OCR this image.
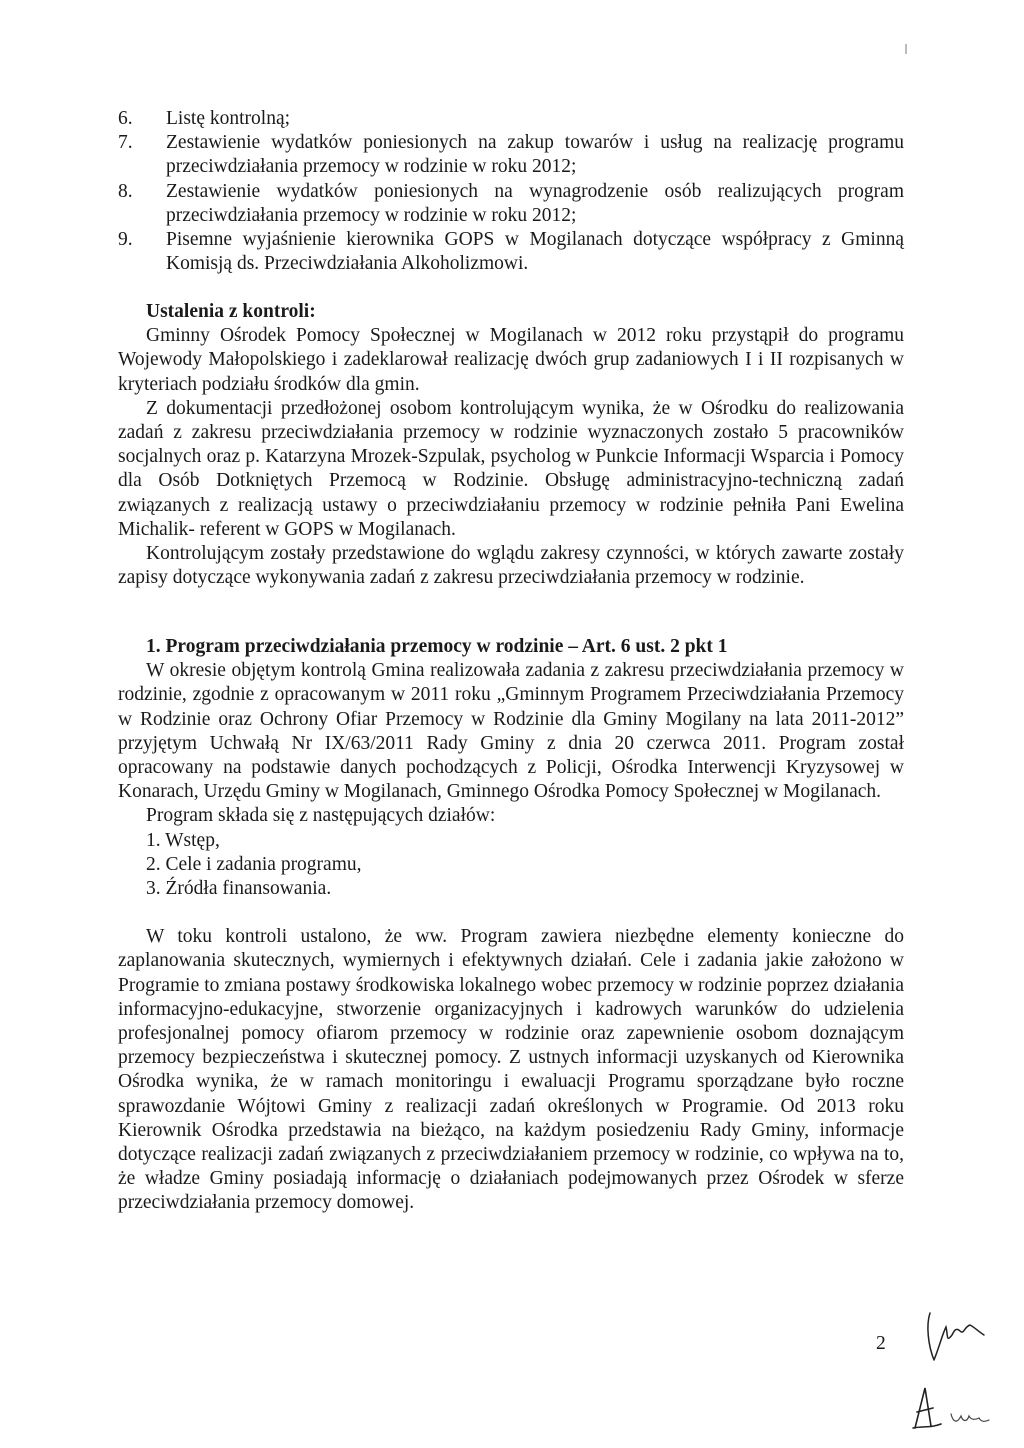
6.	Listę kontrolną;
7.	Zestawienie wydatków poniesionych na zakup towarów i usług na realizację programu przeciwdziałania przemocy w rodzinie w roku 2012;
8.	Zestawienie wydatków poniesionych na wynagrodzenie osób realizujących program przeciwdziałania przemocy w rodzinie w roku 2012;
9.	Pisemne wyjaśnienie kierownika GOPS w Mogilanach dotyczące współpracy z Gminną Komisją ds. Przeciwdziałania Alkoholizmowi.
Ustalenia z kontroli:
Gminny Ośrodek Pomocy Społecznej w Mogilanach w 2012 roku przystąpił do programu Wojewody Małopolskiego i zadeklarował realizację dwóch grup zadaniowych I i II rozpisanych w kryteriach podziału środków dla gmin.
Z dokumentacji przedłożonej osobom kontrolującym wynika, że w Ośrodku do realizowania zadań z zakresu przeciwdziałania przemocy w rodzinie wyznaczonych zostało 5 pracowników socjalnych oraz p. Katarzyna Mrozek-Szpulak, psycholog w Punkcie Informacji Wsparcia i Pomocy dla Osób Dotkniętych Przemocą w Rodzinie. Obsługę administracyjno-techniczną zadań związanych z realizacją ustawy o przeciwdziałaniu przemocy w rodzinie pełniła Pani Ewelina Michalik- referent w GOPS w Mogilanach.
Kontrolującym zostały przedstawione do wglądu zakresy czynności, w których zawarte zostały zapisy dotyczące wykonywania zadań z zakresu przeciwdziałania przemocy w rodzinie.
1. Program przeciwdziałania przemocy w rodzinie – Art. 6 ust. 2 pkt 1
W okresie objętym kontrolą Gmina realizowała zadania z zakresu przeciwdziałania przemocy w rodzinie, zgodnie z opracowanym w 2011 roku „Gminnym Programem Przeciwdziałania Przemocy w Rodzinie oraz Ochrony Ofiar Przemocy w Rodzinie dla Gminy Mogilany na lata 2011-2012” przyjętym Uchwałą Nr IX/63/2011 Rady Gminy z dnia 20 czerwca 2011. Program został opracowany na podstawie danych pochodzących z Policji, Ośrodka Interwencji Kryzysowej w Konarach, Urzędu Gminy w Mogilanach, Gminnego Ośrodka Pomocy Społecznej w Mogilanach.
Program składa się z następujących działów:
1. Wstęp,
2. Cele i zadania programu,
3. Źródła finansowania.
W toku kontroli ustalono, że ww. Program zawiera niezbędne elementy konieczne do zaplanowania skutecznych, wymiernych i efektywnych działań. Cele i zadania jakie założono w Programie to zmiana postawy środkowiska lokalnego wobec przemocy w rodzinie poprzez działania informacyjno-edukacyjne, stworzenie organizacyjnych i kadrowych warunków do udzielenia profesjonalnej pomocy ofiarom przemocy w rodzinie oraz zapewnienie osobom doznającym przemocy bezpieczeństwa i skutecznej pomocy. Z ustnych informacji uzyskanych od Kierownika Ośrodka wynika, że w ramach monitoringu i ewaluacji Programu sporządzane było roczne sprawozdanie Wójtowi Gminy z realizacji zadań określonych w Programie. Od 2013 roku Kierownik Ośrodka przedstawia na bieżąco, na każdym posiedzeniu Rady Gminy, informacje dotyczące realizacji zadań związanych z przeciwdziałaniem przemocy w rodzinie, co wpływa na to, że władze Gminy posiadają informację o działaniach podejmowanych przez Ośrodek w sferze przeciwdziałania przemocy domowej.
2
